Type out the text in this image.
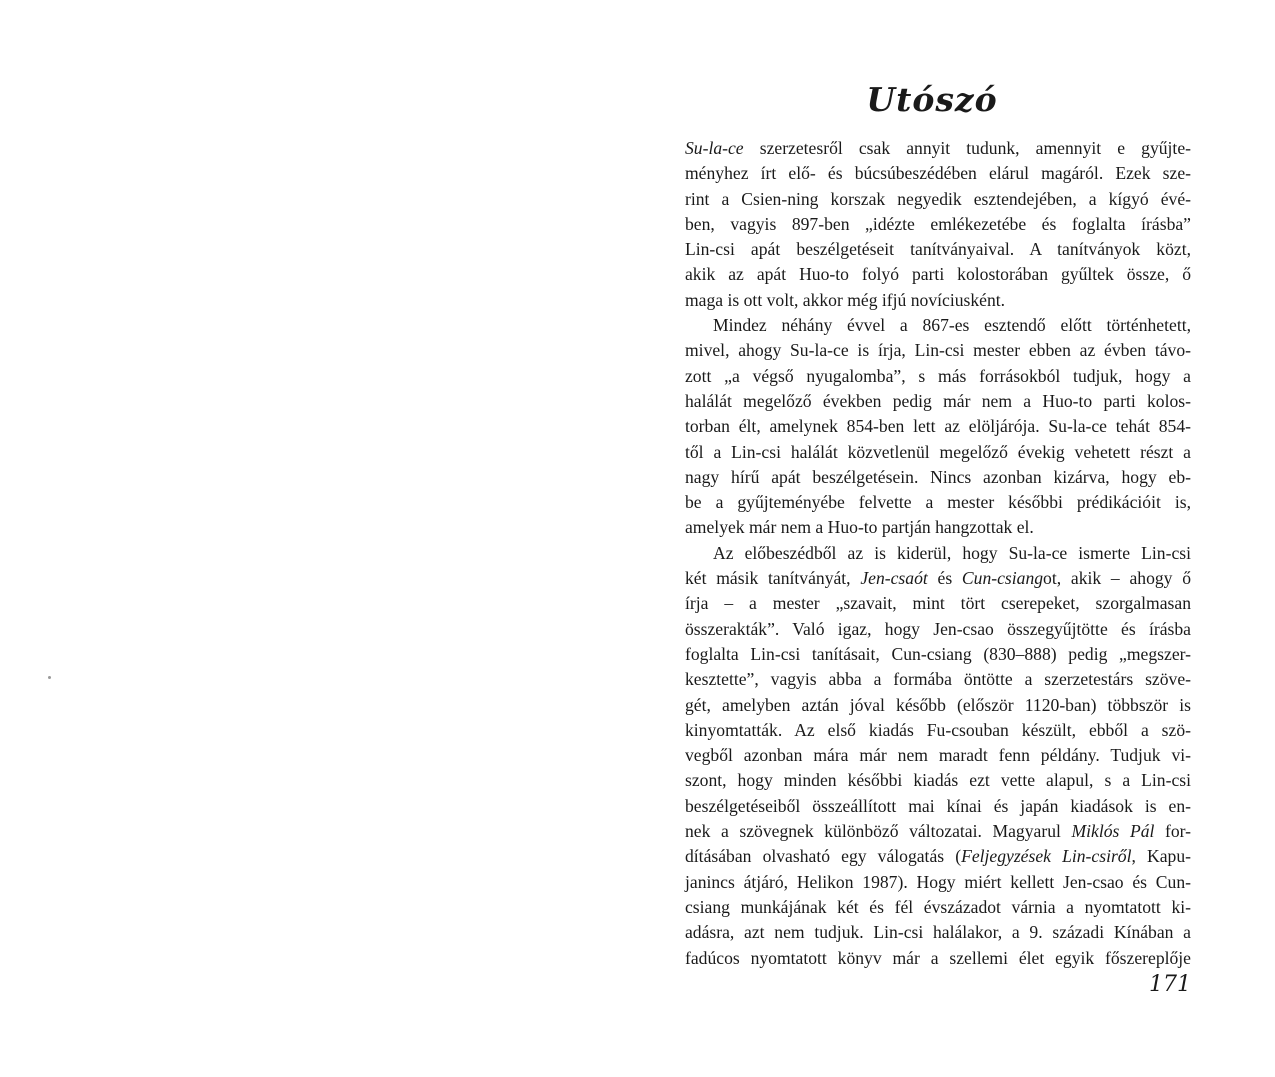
Utószó
Su-la-ce szerzetesről csak annyit tudunk, amennyit e gyűjte-
ményhez írt elő- és búcsúbeszédében elárul magáról. Ezek sze-
rint a Csien-ning korszak negyedik esztendejében, a kígyó évé-
ben, vagyis 897-ben „idézte emlékezetébe és foglalta írásba”
Lin-csi apát beszélgetéseit tanítványaival. A tanítványok közt,
akik az apát Huo-to folyó parti kolostorában gyűltek össze, ő
maga is ott volt, akkor még ifjú novíciusként.
Mindez néhány évvel a 867-es esztendő előtt történhetett,
mivel, ahogy Su-la-ce is írja, Lin-csi mester ebben az évben távo-
zott „a végső nyugalomba”, s más forrásokból tudjuk, hogy a
halálát megelőző években pedig már nem a Huo-to parti kolos-
torban élt, amelynek 854-ben lett az elöljárója. Su-la-ce tehát 854-
től a Lin-csi halálát közvetlenül megelőző évekig vehetett részt a
nagy hírű apát beszélgetésein. Nincs azonban kizárva, hogy eb-
be a gyűjteményébe felvette a mester későbbi prédikációit is,
amelyek már nem a Huo-to partján hangzottak el.
Az előbeszédből az is kiderül, hogy Su-la-ce ismerte Lin-csi
két másik tanítványát, Jen-csaót és Cun-csiangot, akik – ahogy ő
írja – a mester „szavait, mint tört cserepeket, szorgalmasan
összerakták”. Való igaz, hogy Jen-csao összegyűjtötte és írásba
foglalta Lin-csi tanításait, Cun-csiang (830–888) pedig „megszer-
kesztette”, vagyis abba a formába öntötte a szerzetestárs szöve-
gét, amelyben aztán jóval később (először 1120-ban) többször is
kinyomtatták. Az első kiadás Fu-csouban készült, ebből a szö-
vegből azonban mára már nem maradt fenn példány. Tudjuk vi-
szont, hogy minden későbbi kiadás ezt vette alapul, s a Lin-csi
beszélgetéseiből összeállított mai kínai és japán kiadások is en-
nek a szövegnek különböző változatai. Magyarul Miklós Pál for-
dításában olvasható egy válogatás (Feljegyzések Lin-csiről, Kapu-
janincs átjáró, Helikon 1987). Hogy miért kellett Jen-csao és Cun-
csiang munkájának két és fél évszázadot várnia a nyomtatott ki-
adásra, azt nem tudjuk. Lin-csi halálakor, a 9. századi Kínában a
fadúcos nyomtatott könyv már a szellemi élet egyik főszereplője
171
